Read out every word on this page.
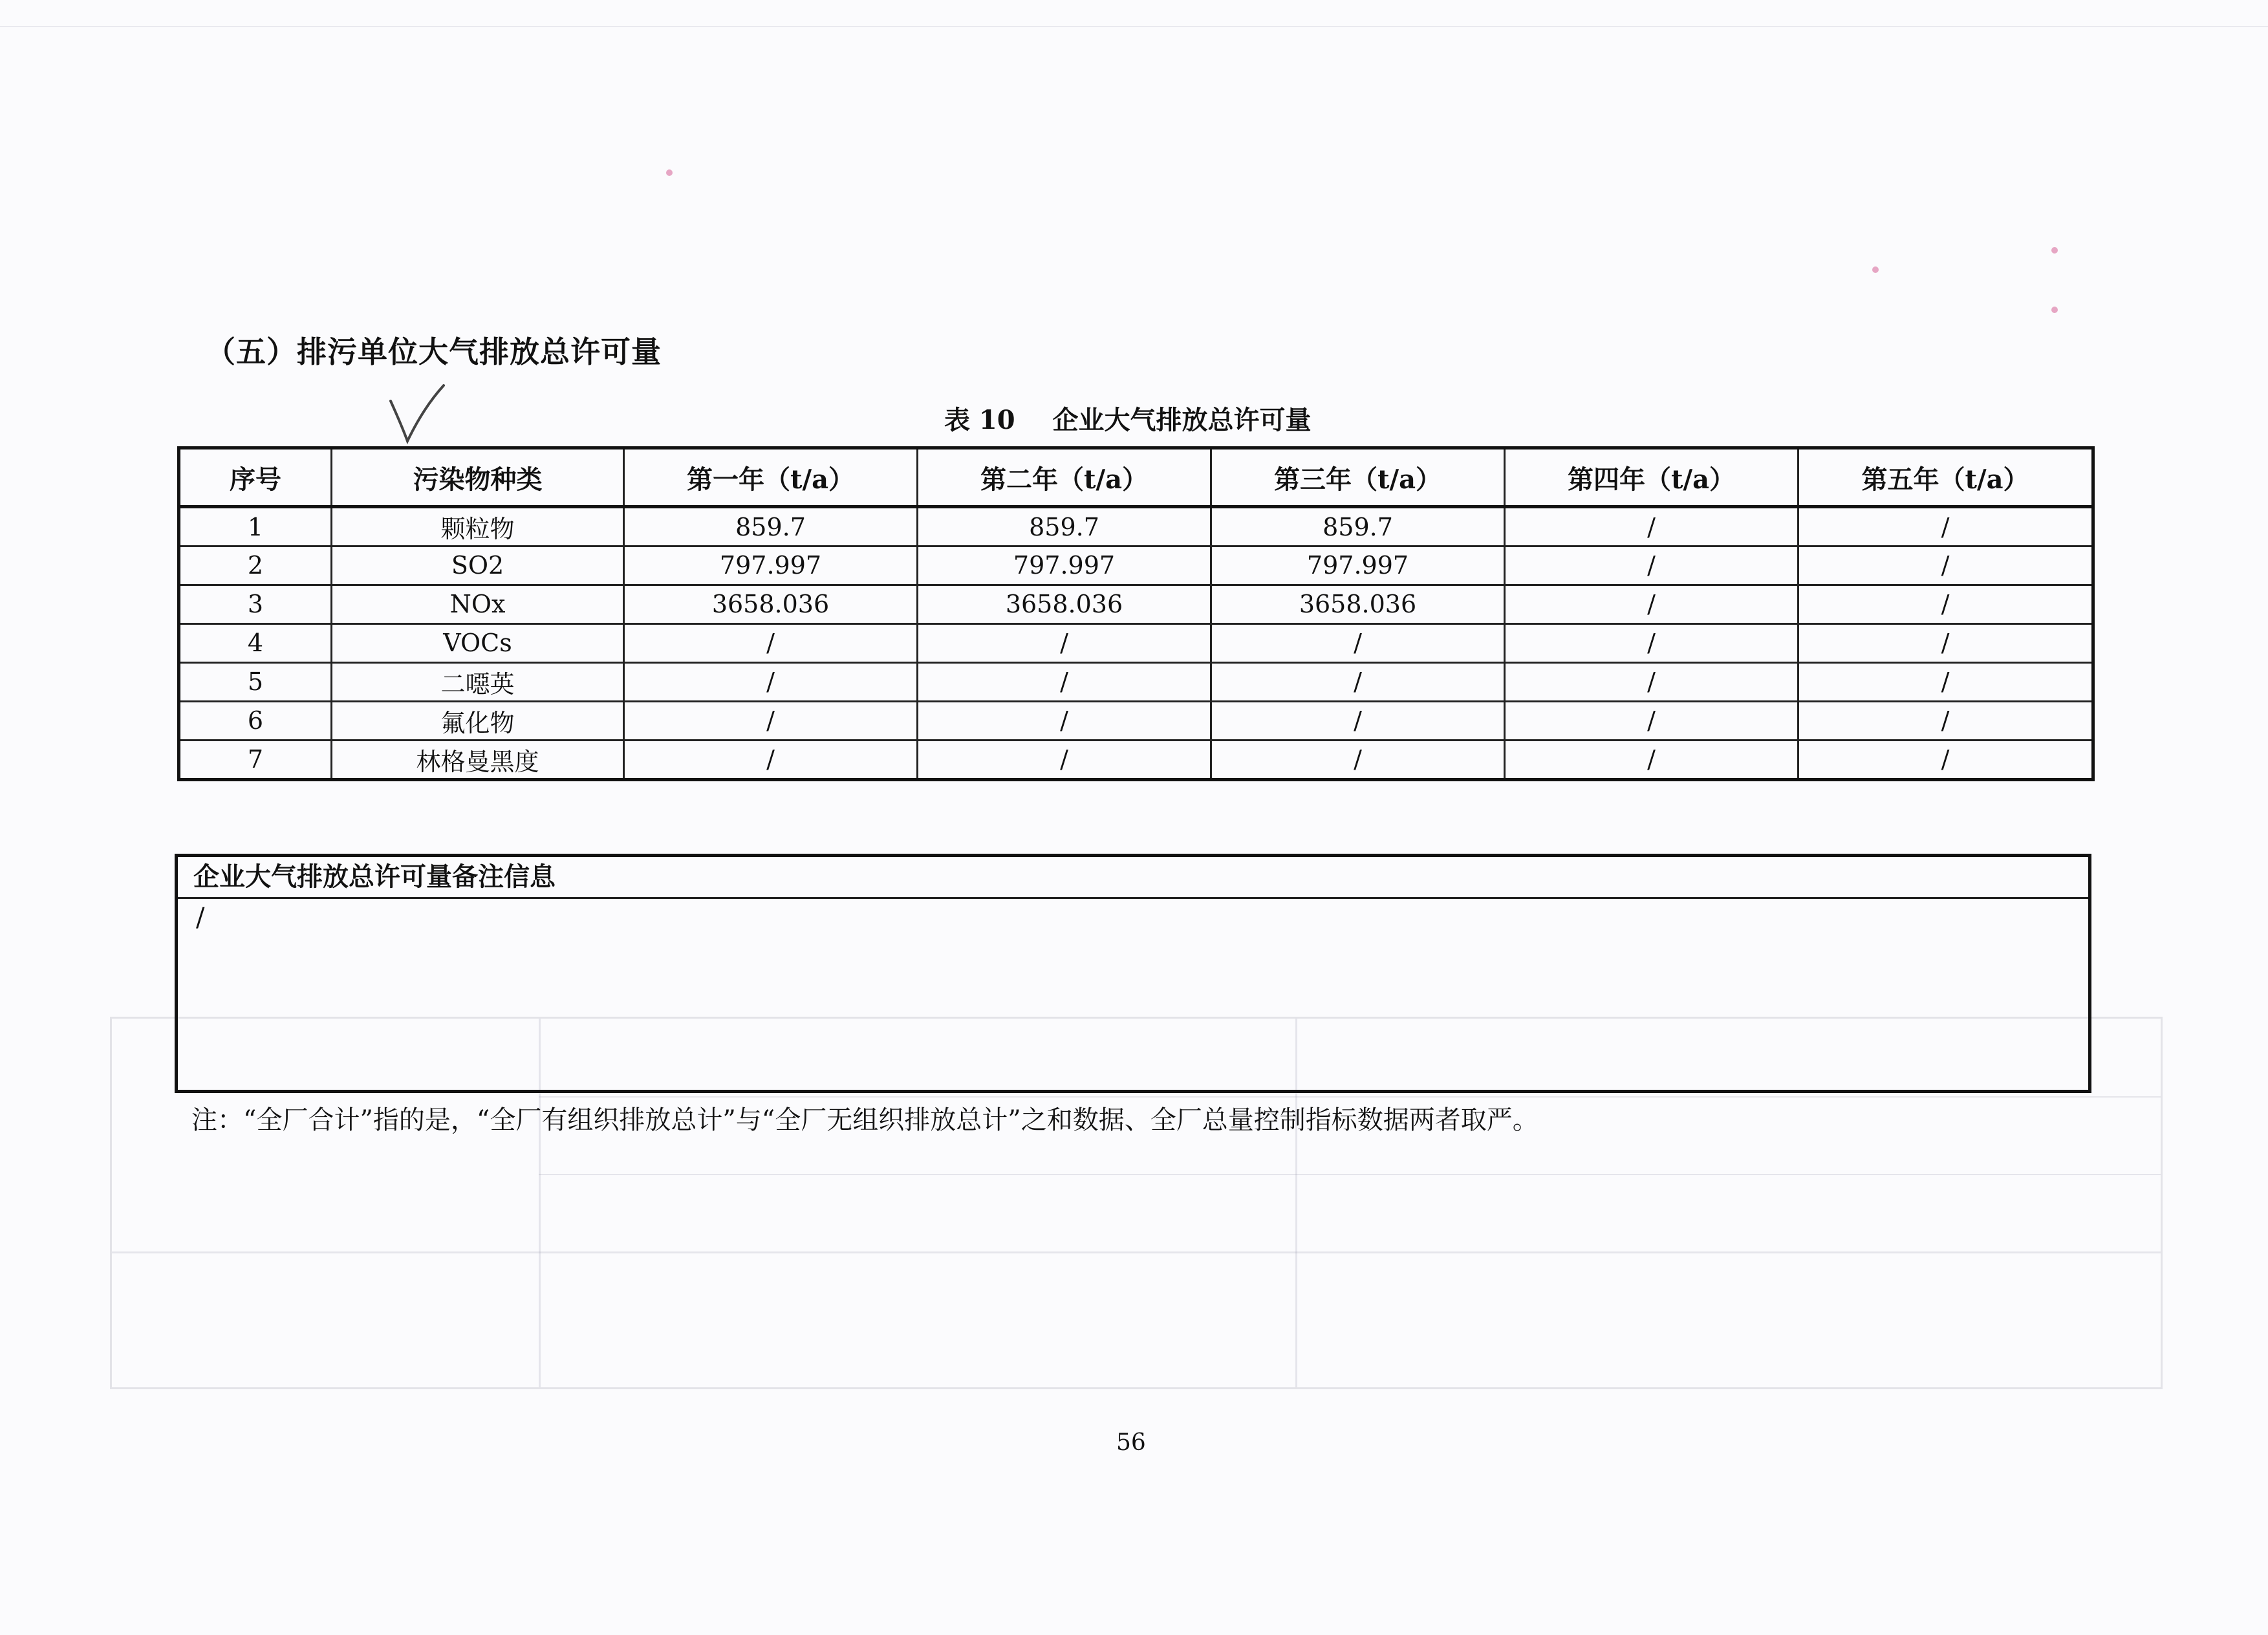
（五）排污单位大气排放总许可量
表 10 企业大气排放总许可量
序号	污染物种类	第一年（t/a）	第二年（t/a）	第三年（t/a）	第四年（t/a）	第五年（t/a）
1	颗粒物	859.7	859.7	859.7	/	/
2	SO2	797.997	797.997	797.997	/	/
3	NOx	3658.036	3658.036	3658.036	/	/
4	VOCs	/	/	/	/	/
5	二噁英	/	/	/	/	/
6	氟化物	/	/	/	/	/
7	林格曼黑度	/	/	/	/	/
企业大气排放总许可量备注信息
/
注：“全厂合计”指的是，“全厂有组织排放总计”与“全厂无组织排放总计”之和数据、全厂总量控制指标数据两者取严。
56
